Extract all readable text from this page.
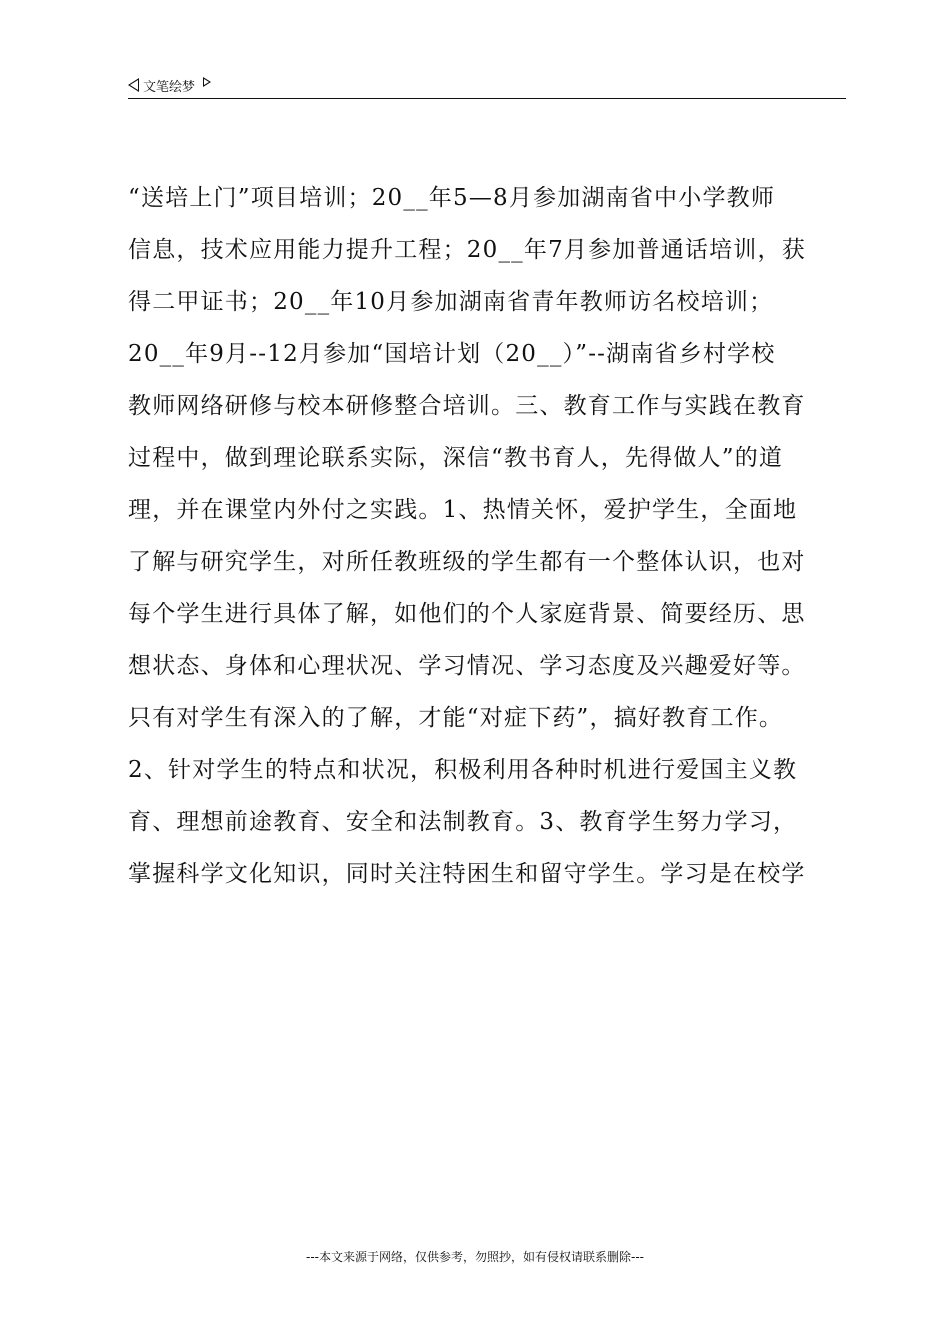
文笔绘梦
“送培上门”项目培训；20__年5—8月参加湖南省中小学教师
信息，技术应用能力提升工程；20__年7月参加普通话培训，获
得二甲证书；20__年10月参加湖南省青年教师访名校培训；
20__年9月--12月参加“国培计划（20__）”--湖南省乡村学校
教师网络研修与校本研修整合培训。三、教育工作与实践在教育
过程中，做到理论联系实际，深信“教书育人，先得做人”的道
理，并在课堂内外付之实践。1、热情关怀，爱护学生，全面地
了解与研究学生，对所任教班级的学生都有一个整体认识，也对
每个学生进行具体了解，如他们的个人家庭背景、简要经历、思
想状态、身体和心理状况、学习情况、学习态度及兴趣爱好等。
只有对学生有深入的了解，才能“对症下药”，搞好教育工作。
2、针对学生的特点和状况，积极利用各种时机进行爱国主义教
育、理想前途教育、安全和法制教育。3、教育学生努力学习，
掌握科学文化知识，同时关注特困生和留守学生。学习是在校学
---本文来源于网络，仅供参考，勿照抄，如有侵权请联系删除---
